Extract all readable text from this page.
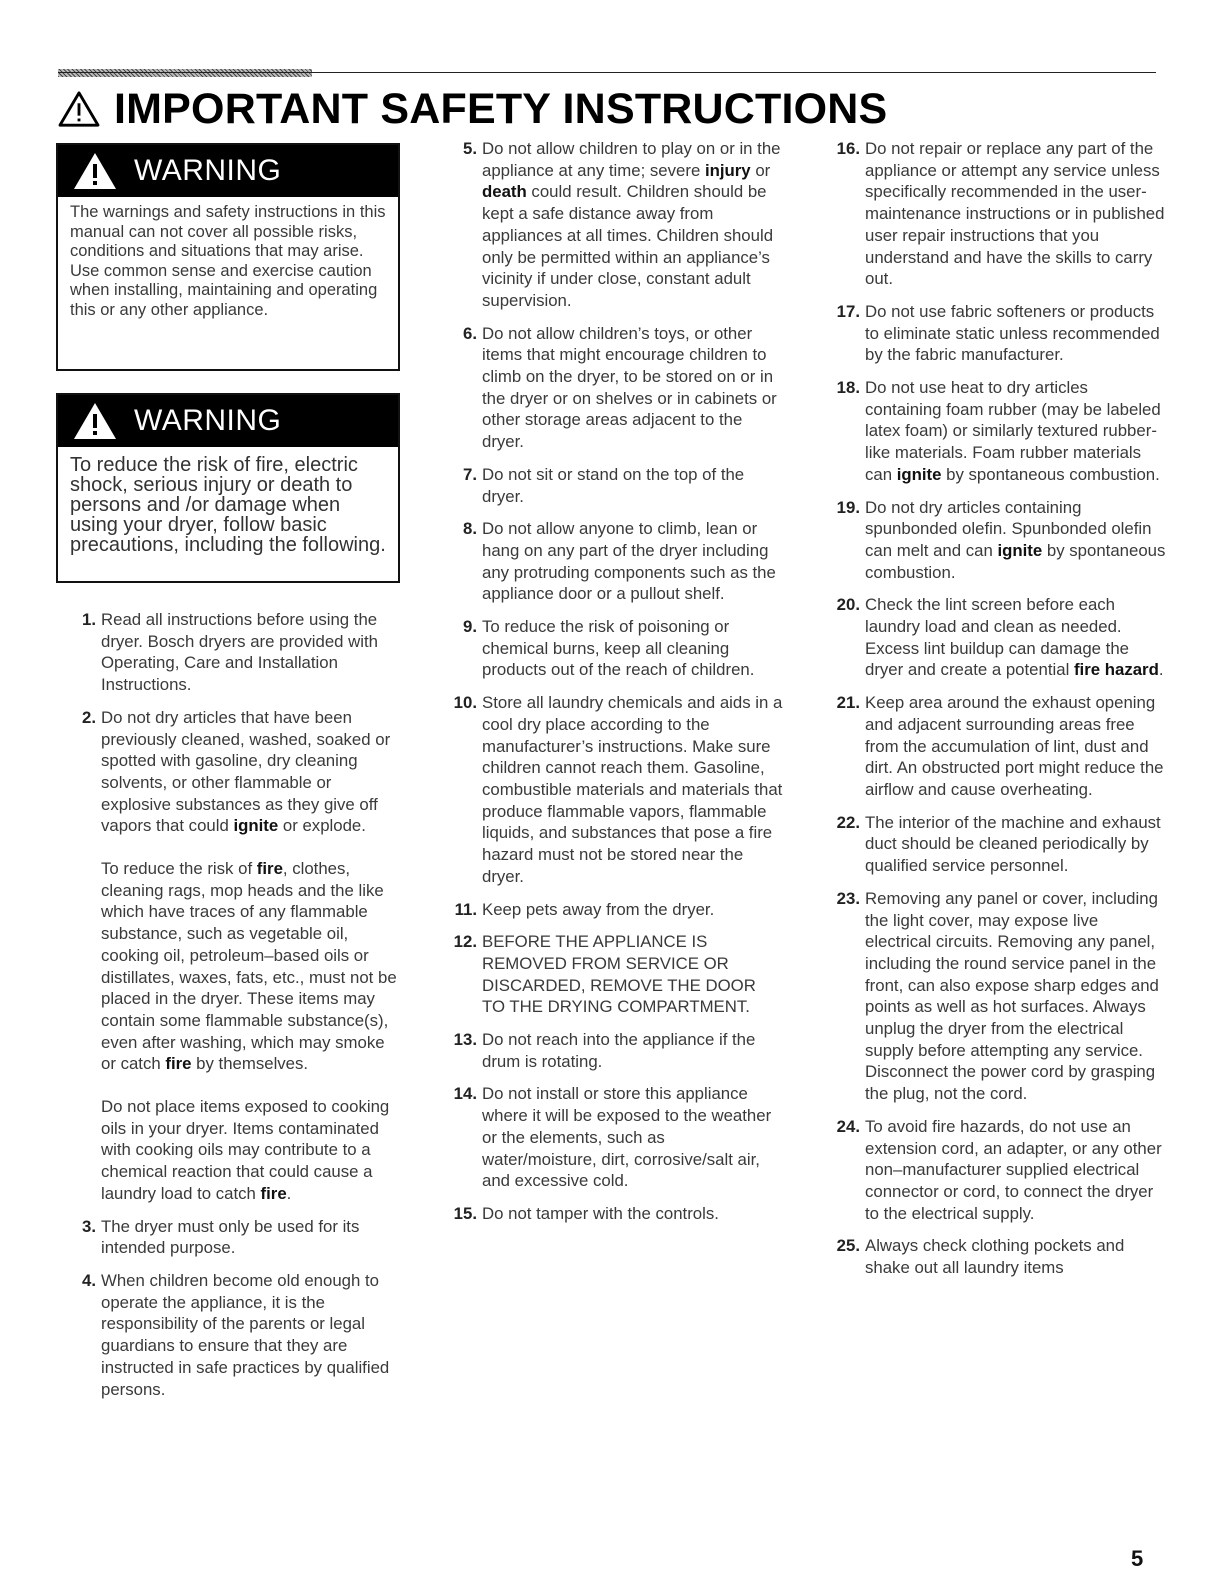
IMPORTANT SAFETY INSTRUCTIONS
WARNING
The warnings and safety instructions in this manual can not cover all possible risks, conditions and situations that may arise. Use common sense and exercise caution when installing, maintaining and operating this or any other appliance.
WARNING
To reduce the risk of fire, electric shock, serious injury or death to persons and /or damage when using your dryer, follow basic precautions, including the following.
1. Read all instructions before using the dryer. Bosch dryers are provided with Operating, Care and Installation Instructions.

2. Do not dry articles that have been previously cleaned, washed, soaked or spotted with gasoline, dry cleaning solvents, or other flammable or explosive substances as they give off vapors that could ignite or explode.

To reduce the risk of fire, clothes, cleaning rags, mop heads and the like which have traces of any flammable substance, such as vegetable oil, cooking oil, petroleum–based oils or distillates, waxes, fats, etc., must not be placed in the dryer. These items may contain some flammable substance(s), even after washing, which may smoke or catch fire by themselves.

Do not place items exposed to cooking oils in your dryer. Items contaminated with cooking oils may contribute to a chemical reaction that could cause a laundry load to catch fire.

3. The dryer must only be used for its intended purpose.

4. When children become old enough to operate the appliance, it is the responsibility of the parents or legal guardians to ensure that they are instructed in safe practices by qualified persons.

5. Do not allow children to play on or in the appliance at any time; severe injury or death could result. Children should be kept a safe distance away from appliances at all times. Children should only be permitted within an appliance’s vicinity if under close, constant adult supervision.

6. Do not allow children’s toys, or other items that might encourage children to climb on the dryer, to be stored on or in the dryer or on shelves or in cabinets or other storage areas adjacent to the dryer.

7. Do not sit or stand on the top of the dryer.

8. Do not allow anyone to climb, lean or hang on any part of the dryer including any protruding components such as the appliance door or a pullout shelf.

9. To reduce the risk of poisoning or chemical burns, keep all cleaning products out of the reach of children.

10. Store all laundry chemicals and aids in a cool dry place according to the manufacturer’s instructions. Make sure children cannot reach them. Gasoline, combustible materials and materials that produce flammable vapors, flammable liquids, and substances that pose a fire hazard must not be stored near the dryer.

11. Keep pets away from the dryer.

12. BEFORE THE APPLIANCE IS REMOVED FROM SERVICE OR DISCARDED, REMOVE THE DOOR TO THE DRYING COMPARTMENT.

13. Do not reach into the appliance if the drum is rotating.

14. Do not install or store this appliance where it will be exposed to the weather or the elements, such as water/moisture, dirt, corrosive/salt air, and excessive cold.

15. Do not tamper with the controls.

16. Do not repair or replace any part of the appliance or attempt any service unless specifically recommended in the user-maintenance instructions or in published user repair instructions that you understand and have the skills to carry out.

17. Do not use fabric softeners or products to eliminate static unless recommended by the fabric manufacturer.

18. Do not use heat to dry articles containing foam rubber (may be labeled latex foam) or similarly textured rubber-like materials. Foam rubber materials can ignite by spontaneous combustion.

19. Do not dry articles containing spunbonded olefin. Spunbonded olefin can melt and can ignite by spontaneous combustion.

20. Check the lint screen before each laundry load and clean as needed. Excess lint buildup can damage the dryer and create a potential fire hazard.

21. Keep area around the exhaust opening and adjacent surrounding areas free from the accumulation of lint, dust and dirt. An obstructed port might reduce the airflow and cause overheating.

22. The interior of the machine and exhaust duct should be cleaned periodically by qualified service personnel.

23. Removing any panel or cover, including the light cover, may expose live electrical circuits. Removing any panel, including the round service panel in the front, can also expose sharp edges and points as well as hot surfaces. Always unplug the dryer from the electrical supply before attempting any service. Disconnect the power cord by grasping the plug, not the cord.

24. To avoid fire hazards, do not use an extension cord, an adapter, or any other non–manufacturer supplied electrical connector or cord, to connect the dryer to the electrical supply.

25. Always check clothing pockets and shake out all laundry items

5
